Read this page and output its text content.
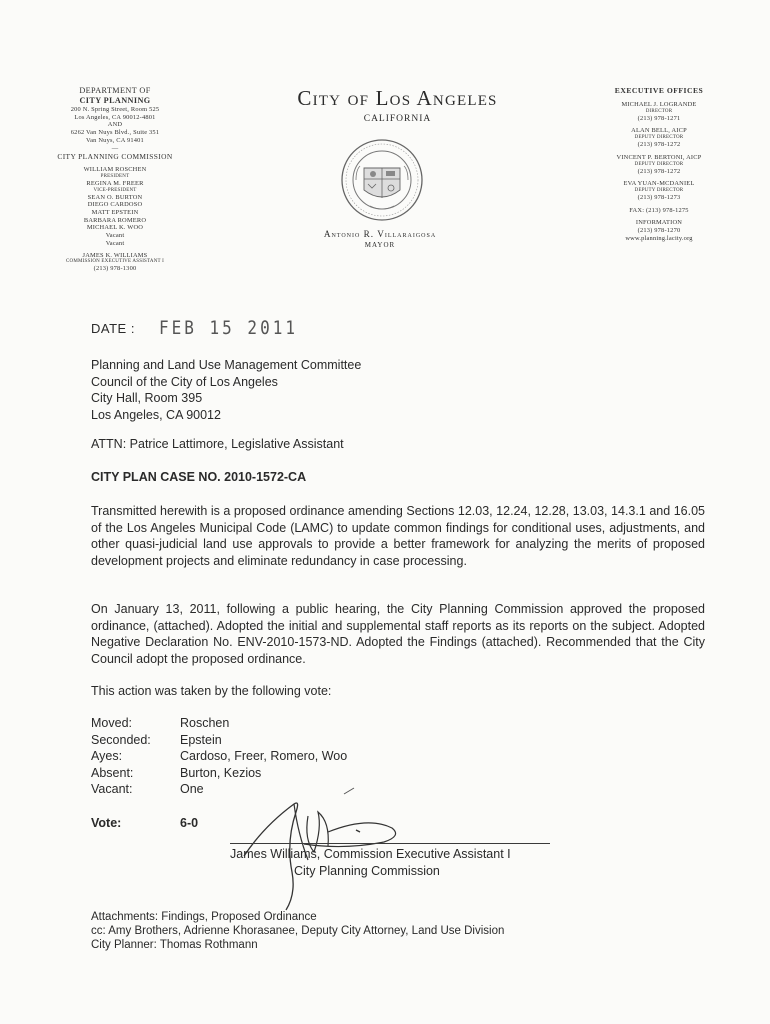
DEPARTMENT OF
CITY PLANNING
200 N. Spring Street, Room 525
Los Angeles, CA 90012-4801
AND
6262 Van Nuys Blvd., Suite 351
Van Nuys, CA 91401
—
CITY PLANNING COMMISSION
WILLIAM ROSCHEN
PRESIDENT
REGINA M. FREER
VICE-PRESIDENT
SEAN O. BURTON
DIEGO CARDOSO
MATT EPSTEIN
BARBARA ROMERO
MICHAEL K. WOO
Vacant
Vacant
JAMES K. WILLIAMS
COMMISSION EXECUTIVE ASSISTANT I
(213) 978-1300
City of Los Angeles
CALIFORNIA
Antonio R. Villaraigosa
MAYOR
EXECUTIVE OFFICES
MICHAEL J. LOGRANDE
DIRECTOR
(213) 978-1271
ALAN BELL, AICP
DEPUTY DIRECTOR
(213) 978-1272
VINCENT P. BERTONI, AICP
DEPUTY DIRECTOR
(213) 978-1272
EVA YUAN-MCDANIEL
DEPUTY DIRECTOR
(213) 978-1273
FAX: (213) 978-1275
INFORMATION
(213) 978-1270
www.planning.lacity.org
DATE : FEB 15 2011
Planning and Land Use Management Committee
Council of the City of Los Angeles
City Hall, Room 395
Los Angeles, CA 90012
ATTN: Patrice Lattimore, Legislative Assistant
CITY PLAN CASE NO. 2010-1572-CA
Transmitted herewith is a proposed ordinance amending Sections 12.03, 12.24, 12.28, 13.03, 14.3.1 and 16.05 of the Los Angeles Municipal Code (LAMC) to update common findings for conditional uses, adjustments, and other quasi-judicial land use approvals to provide a better framework for analyzing the merits of proposed development projects and eliminate redundancy in case processing.
On January 13, 2011, following a public hearing, the City Planning Commission approved the proposed ordinance, (attached). Adopted the initial and supplemental staff reports as its reports on the subject. Adopted Negative Declaration No. ENV-2010-1573-ND. Adopted the Findings (attached). Recommended that the City Council adopt the proposed ordinance.
This action was taken by the following vote:
Moved:	Roschen
Seconded:	Epstein
Ayes:	Cardoso, Freer, Romero, Woo
Absent:	Burton, Kezios
Vacant:	One
Vote:	6-0
James Williams, Commission Executive Assistant I
City Planning Commission
Attachments: Findings, Proposed Ordinance
cc: Amy Brothers, Adrienne Khorasanee, Deputy City Attorney, Land Use Division
City Planner: Thomas Rothmann
